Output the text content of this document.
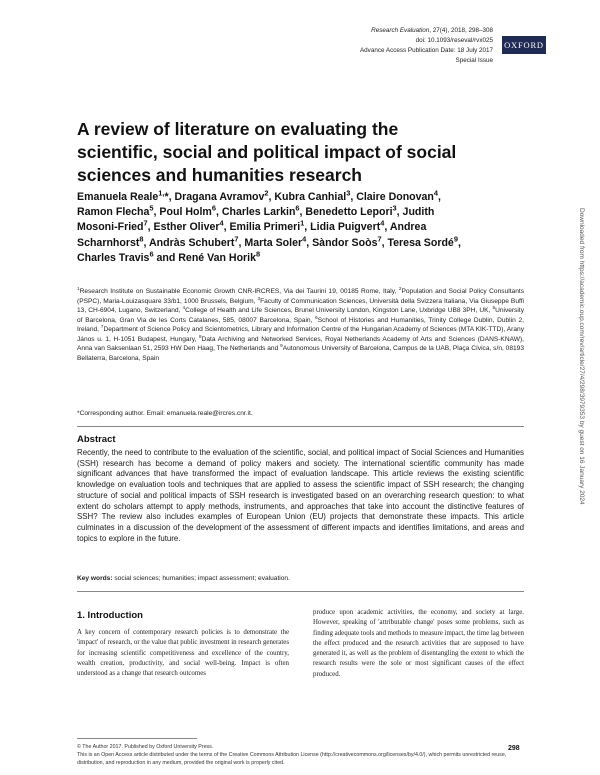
Research Evaluation, 27(4), 2018, 298–308
doi: 10.1093/reseval/rvx025
Advance Access Publication Date: 18 July 2017
Special Issue
OXFORD
A review of literature on evaluating the scientific, social and political impact of social sciences and humanities research
Emanuela Reale$^{1,}$*, Dragana Avramov$^2$, Kubra Canhial$^3$, Claire Donovan$^4$, Ramon Flecha$^5$, Poul Holm$^6$, Charles Larkin$^6$, Benedetto Lepori$^3$, Judith Mosoni-Fried$^7$, Esther Oliver$^4$, Emilia Primeri$^1$, Lidia Puigvert$^4$, Andrea Scharnhorst$^8$, Andràs Schubert$^7$, Marta Soler$^4$, Sàndor Soòs$^7$, Teresa Sordé$^9$, Charles Travis$^6$ and René Van Horik$^8$
$^1$Research Institute on Sustainable Economic Growth CNR-IRCRES, Via dei Taurini 19, 00185 Rome, Italy, $^2$Population and Social Policy Consultants (PSPC), Maria-Louizasquare 33/b1, 1000 Brussels, Belgium, $^3$Faculty of Communication Sciences, Università della Svizzera Italiana, Via Giuseppe Buffi 13, CH-6904, Lugano, Switzerland, $^4$College of Health and Life Sciences, Brunel University London, Kingston Lane, Uxbridge UB8 3PH, UK, $^5$University of Barcelona, Gran Via de les Corts Catalanes, 585, 08007 Barcelona, Spain, $^6$School of Histories and Humanities, Trinity College Dublin, Dublin 2, Ireland, $^7$Department of Science Policy and Scientometrics, Library and Information Centre of the Hungarian Academy of Sciences (MTA KIK-TTD), Arany János u. 1, H-1051 Budapest, Hungary, $^8$Data Archiving and Networked Services, Royal Netherlands Academy of Arts and Sciences (DANS-KNAW), Anna van Saksenlaan 51, 2593 HW Den Haag, The Netherlands and $^9$Autonomous University of Barcelona, Campus de la UAB, Plaça Cívica, s/n, 08193 Bellaterra, Barcelona, Spain
*Corresponding author. Email: emanuela.reale@ircres.cnr.it.
Abstract
Recently, the need to contribute to the evaluation of the scientific, social, and political impact of Social Sciences and Humanities (SSH) research has become a demand of policy makers and society. The international scientific community has made significant advances that have transformed the impact of evaluation landscape. This article reviews the existing scientific knowledge on evaluation tools and techniques that are applied to assess the scientific impact of SSH research; the changing structure of social and political impacts of SSH research is investigated based on an overarching research question: to what extent do scholars attempt to apply methods, instruments, and approaches that take into account the distinctive features of SSH? The review also includes examples of European Union (EU) projects that demonstrate these impacts. This article culminates in a discussion of the development of the assessment of different impacts and identifies limitations, and areas and topics to explore in the future.
Key words: social sciences; humanities; impact assessment; evaluation.
1. Introduction
A key concern of contemporary research policies is to demonstrate the 'impact' of research, or the value that public investment in research generates for increasing scientific competitiveness and excellence of the country, wealth creation, productivity, and social well-being. Impact is often understood as a change that research outcomes
produce upon academic activities, the economy, and society at large. However, speaking of 'attributable change' poses some problems, such as finding adequate tools and methods to measure impact, the time lag between the effect produced and the research activities that are supposed to have generated it, as well as the problem of disentangling the extent to which the research results were the sole or most significant causes of the effect produced.
© The Author 2017. Published by Oxford University Press.
This is an Open Access article distributed under the terms of the Creative Commons Attribution License (http://creativecommons.org/licenses/by/4.0/), which permits unrestricted reuse, distribution, and reproduction in any medium, provided the original work is properly cited.
298
Downloaded from https://academic.oup.com/rev/article/27/4/298/3979353 by guest on 16 January 2024
